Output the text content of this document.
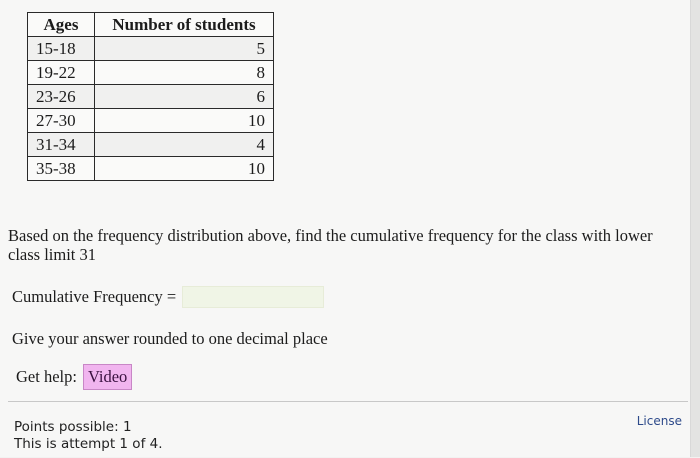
Ages	Number of students
15-18	5
19-22	8
23-26	6
27-30	10
31-34	4
35-38	10
Based on the frequency distribution above, find the cumulative frequency for the class with lower class limit 31
Cumulative Frequency =
Give your answer rounded to one decimal place
Get help: Video
Points possible: 1
This is attempt 1 of 4.
License
